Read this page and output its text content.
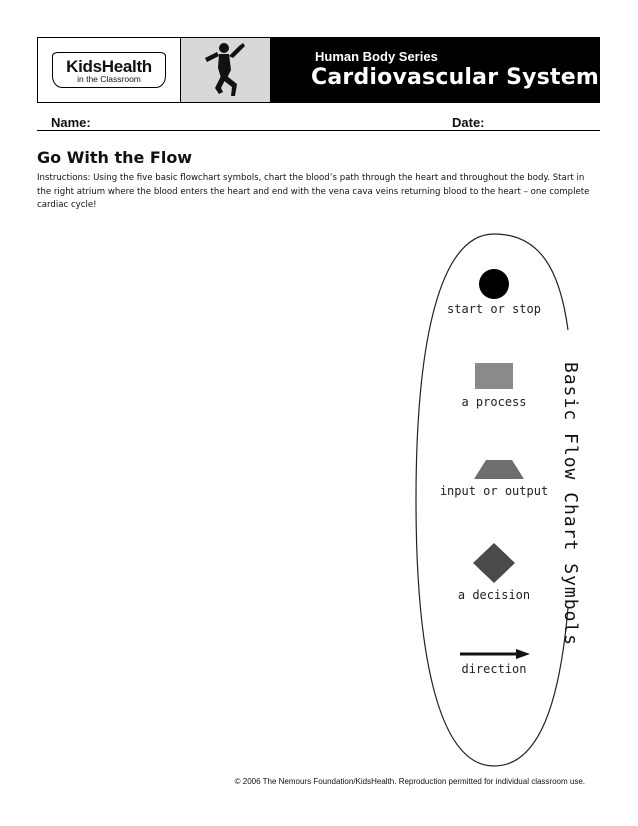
KidsHealth
in the Classroom
Human Body Series
Cardiovascular System
Name:	Date:
Go With the Flow
Instructions: Using the five basic flowchart symbols, chart the blood’s path through the heart and throughout the body. Start in the right atrium where the blood enters the heart and end with the vena cava veins returning blood to the heart – one complete cardiac cycle!
start or stop
a process
input or output
a decision
direction
Basic Flow Chart Symbols
© 2006 The Nemours Foundation/KidsHealth. Reproduction permitted for individual classroom use.
